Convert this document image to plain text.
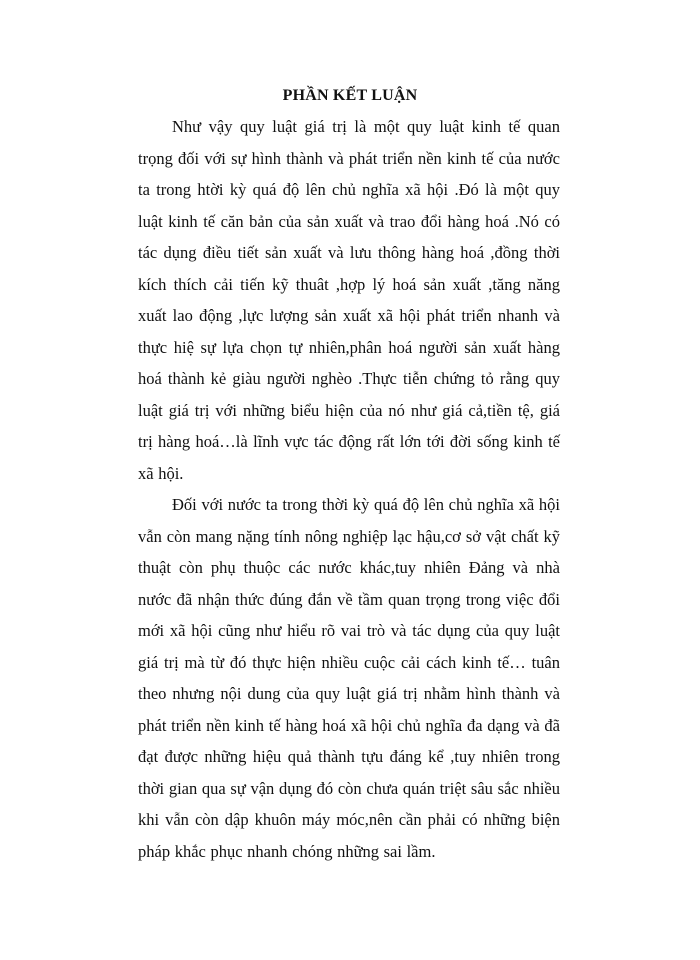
PHẦN KẾT LUẬN

Như vậy quy luật giá trị là một quy luật kinh tế quan trọng đối với sự hình thành và phát triển nền kinh tế của nước ta trong htời kỳ quá độ lên chủ nghĩa xã hội .Đó là một quy luật kinh tế căn bản của sản xuất và trao đổi hàng hoá .Nó có tác dụng điều tiết sản xuất và lưu thông hàng hoá ,đồng thời kích thích cải tiến kỹ thuât ,hợp lý hoá sản xuất ,tăng năng xuất lao động ,lực lượng sản xuất xã hội phát triển nhanh và thực hiệ sự lựa chọn tự nhiên,phân hoá người sản xuất hàng hoá thành kẻ giàu người nghèo .Thực tiễn chứng tỏ rằng quy luật giá trị với những biểu hiện của nó như giá cả,tiền tệ, giá trị hàng hoá…là lĩnh vực tác động rất lớn tới đời sống kinh tế xã hội.

Đối với nước ta trong thời kỳ quá độ lên chủ nghĩa xã hội vẫn còn mang nặng tính nông nghiệp lạc hậu,cơ sở vật chất kỹ thuật còn phụ thuộc các nước khác,tuy nhiên Đảng và nhà nước đã nhận thức đúng đắn về tầm quan trọng trong việc đổi mới xã hội cũng như hiểu rõ vai trò và tác dụng của quy luật giá trị mà từ đó thực hiện nhiều cuộc cải cách kinh tế… tuân theo nhưng nội dung của quy luật giá trị nhằm hình thành và phát triển nền kinh tế hàng hoá xã hội chủ nghĩa đa dạng và đã đạt được những hiệu quả thành tựu đáng kể ,tuy nhiên trong thời gian qua sự vận dụng đó còn chưa quán triệt sâu sắc nhiều khi vẫn còn dập khuôn máy móc,nên cần phải có những biện pháp khắc phục nhanh chóng những sai lầm.
